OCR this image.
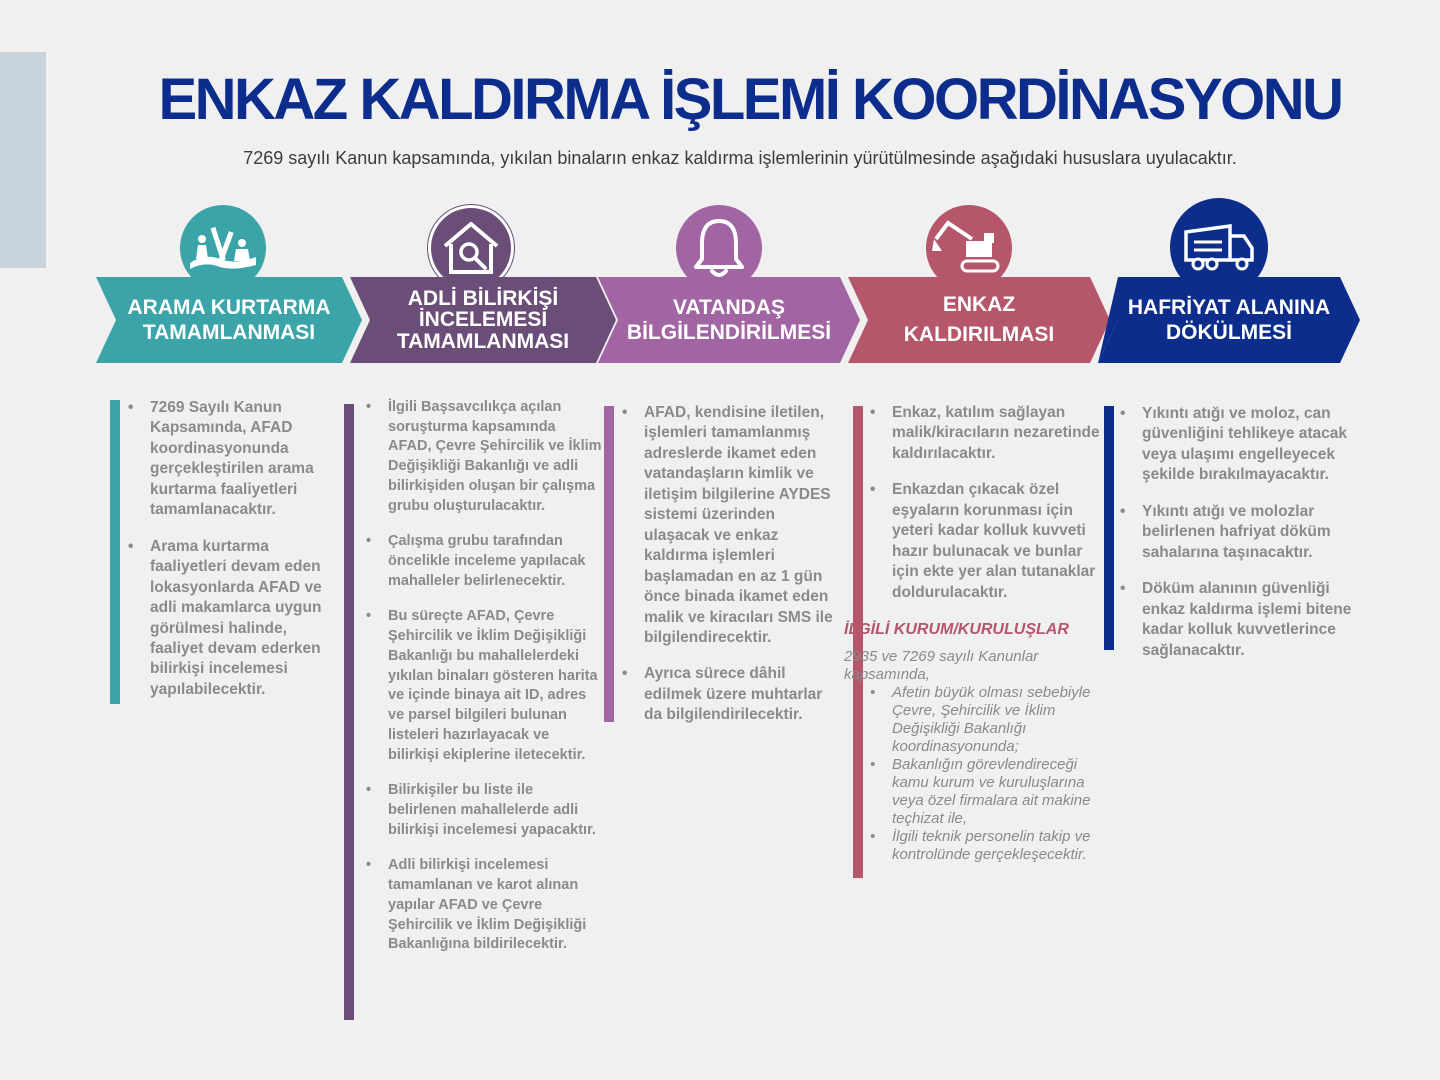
ENKAZ KALDIRMA İŞLEMİ KOORDİNASYONU

7269 sayılı Kanun kapsamında, yıkılan binaların enkaz kaldırma işlemlerinin yürütülmesinde aşağıdaki hususlara uyulacaktır.

ARAMA KURTARMA
TAMAMLANMASI
ADLİ BİLİRKİŞİ
İNCELEMESİ
TAMAMLANMASI
VATANDAŞ
BİLGİLENDİRİLMESİ
ENKAZ
KALDIRILMASI
HAFRİYAT ALANINA
DÖKÜLMESİ
• 7269 Sayılı Kanun Kapsamında, AFAD koordinasyonunda gerçekleştirilen arama kurtarma faaliyetleri tamamlanacaktır.
• Arama kurtarma faaliyetleri devam eden lokasyonlarda AFAD ve adli makamlarca uygun görülmesi halinde, faaliyet devam ederken bilirkişi incelemesi yapılabilecektir.
• İlgili Başsavcılıkça açılan soruşturma kapsamında AFAD, Çevre Şehircilik ve İklim Değişikliği Bakanlığı ve adli bilirkişiden oluşan bir çalışma grubu oluşturulacaktır.
• Çalışma grubu tarafından öncelikle inceleme yapılacak mahalleler belirlenecektir.
• Bu süreçte AFAD, Çevre Şehircilik ve İklim Değişikliği Bakanlığı bu mahallelerdeki yıkılan binaları gösteren harita ve içinde binaya ait ID, adres ve parsel bilgileri bulunan listeleri hazırlayacak ve bilirkişi ekiplerine iletecektir.
• Bilirkişiler bu liste ile belirlenen mahallelerde adli bilirkişi incelemesi yapacaktır.
• Adli bilirkişi incelemesi tamamlanan ve karot alınan yapılar AFAD ve Çevre Şehircilik ve İklim Değişikliği Bakanlığına bildirilecektir.
• AFAD, kendisine iletilen, işlemleri tamamlanmış adreslerde ikamet eden vatandaşların kimlik ve iletişim bilgilerine AYDES sistemi üzerinden ulaşacak ve enkaz kaldırma işlemleri başlamadan en az 1 gün önce binada ikamet eden malik ve kiracıları SMS ile bilgilendirecektir.
• Ayrıca sürece dâhil edilmek üzere muhtarlar da bilgilendirilecektir.
• Enkaz, katılım sağlayan malik/kiracıların nezaretinde kaldırılacaktır.
• Enkazdan çıkacak özel eşyaların korunması için yeteri kadar kolluk kuvveti hazır bulunacak ve bunlar için ekte yer alan tutanaklar doldurulacaktır.
İLGİLİ KURUM/KURULUŞLAR
2935 ve 7269 sayılı Kanunlar kapsamında,
• Afetin büyük olması sebebiyle Çevre, Şehircilik ve İklim Değişikliği Bakanlığı koordinasyonunda;
• Bakanlığın görevlendireceği kamu kurum ve kuruluşlarına veya özel firmalara ait makine teçhizat ile,
• İlgili teknik personelin takip ve kontrolünde gerçekleşecektir.
• Yıkıntı atığı ve moloz, can güvenliğini tehlikeye atacak veya ulaşımı engelleyecek şekilde bırakılmayacaktır.
• Yıkıntı atığı ve molozlar belirlenen hafriyat döküm sahalarına taşınacaktır.
• Döküm alanının güvenliği enkaz kaldırma işlemi bitene kadar kolluk kuvvetlerince sağlanacaktır.
